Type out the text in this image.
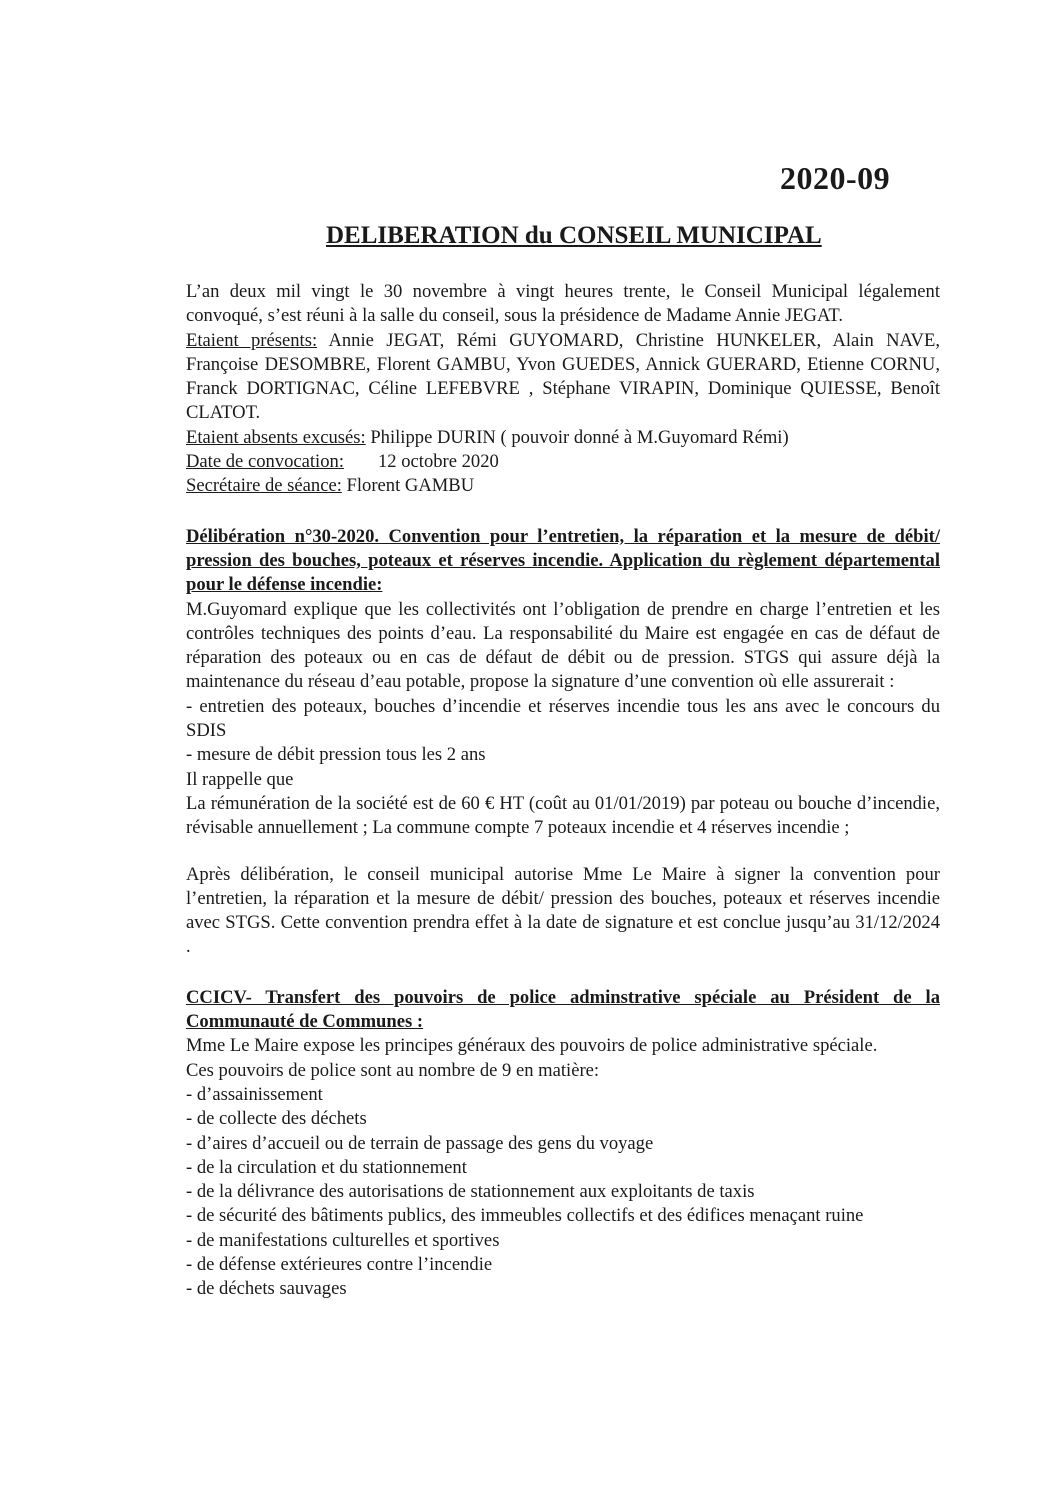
2020-09
DELIBERATION du CONSEIL MUNICIPAL

L’an deux mil vingt le 30 novembre à vingt heures trente, le Conseil Municipal légalement convoqué, s’est réuni à la salle du conseil, sous la présidence de Madame Annie JEGAT.

Etaient présents: Annie JEGAT, Rémi GUYOMARD, Christine HUNKELER, Alain NAVE, Françoise DESOMBRE, Florent GAMBU, Yvon GUEDES, Annick GUERARD, Etienne CORNU, Franck DORTIGNAC, Céline LEFEBVRE , Stéphane VIRAPIN, Dominique QUIESSE, Benoît CLATOT.

Etaient absents excusés: Philippe DURIN ( pouvoir donné à M.Guyomard Rémi)

Date de convocation: 12 octobre 2020

Secrétaire de séance: Florent GAMBU

Délibération n°30-2020. Convention pour l’entretien, la réparation et la mesure de débit/ pression des bouches, poteaux et réserves incendie. Application du règlement départemental pour le défense incendie:

M.Guyomard explique que les collectivités ont l’obligation de prendre en charge l’entretien et les contrôles techniques des points d’eau. La responsabilité du Maire est engagée en cas de défaut de réparation des poteaux ou en cas de défaut de débit ou de pression. STGS qui assure déjà la maintenance du réseau d’eau potable, propose la signature d’une convention où elle assurerait :

- entretien des poteaux, bouches d’incendie et réserves incendie tous les ans avec le concours du SDIS

- mesure de débit pression tous les 2 ans

Il rappelle que

La rémunération de la société est de 60 € HT (coût au 01/01/2019) par poteau ou bouche d’incendie, révisable annuellement ; La commune compte 7 poteaux incendie et 4 réserves incendie ;

Après délibération, le conseil municipal autorise Mme Le Maire à signer la convention pour l’entretien, la réparation et la mesure de débit/ pression des bouches, poteaux et réserves incendie avec STGS. Cette convention prendra effet à la date de signature et est conclue jusqu’au 31/12/2024 .

CCICV- Transfert des pouvoirs de police adminstrative spéciale au Président de la Communauté de Communes :

Mme Le Maire expose les principes généraux des pouvoirs de police administrative spéciale.

Ces pouvoirs de police sont au nombre de 9 en matière:

- d’assainissement

- de collecte des déchets

- d’aires d’accueil ou de terrain de passage des gens du voyage

- de la circulation et du stationnement

- de la délivrance des autorisations de stationnement aux exploitants de taxis

- de sécurité des bâtiments publics, des immeubles collectifs et des édifices menaçant ruine

- de manifestations culturelles et sportives

- de défense extérieures contre l’incendie

- de déchets sauvages
